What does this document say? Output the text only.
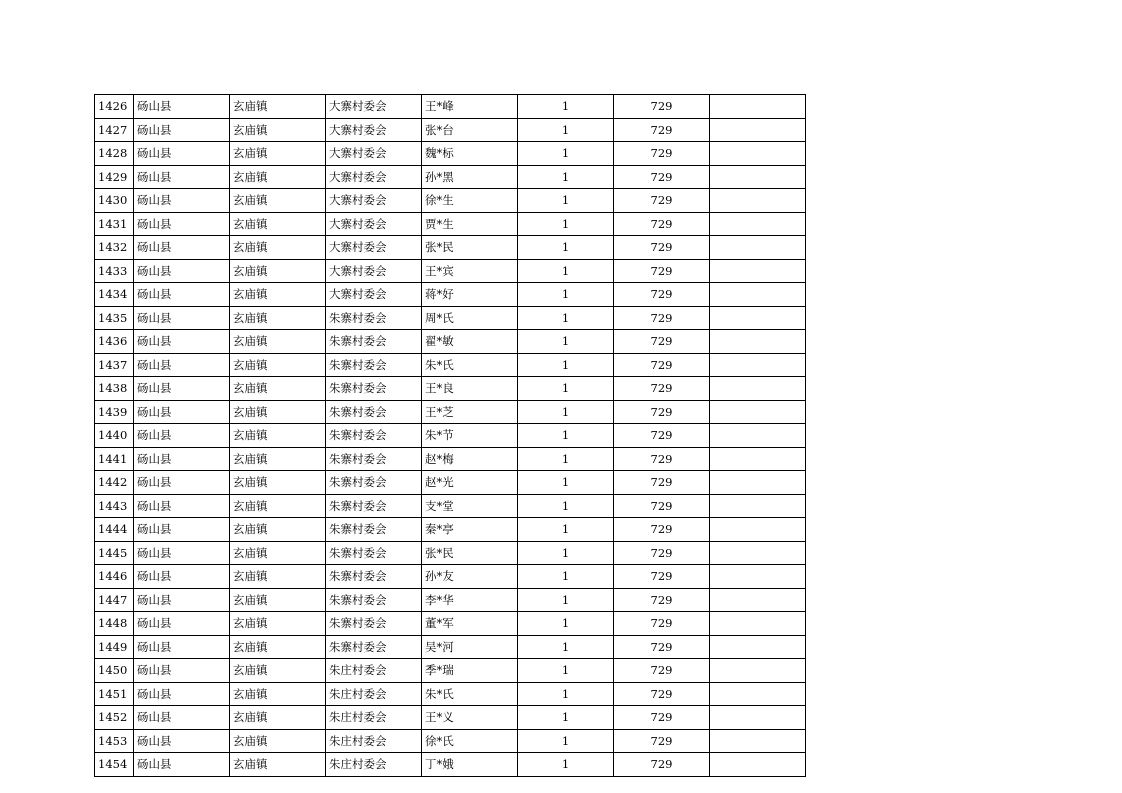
1426	砀山县	玄庙镇	大寨村委会	王*峰	1	729	
1427	砀山县	玄庙镇	大寨村委会	张*台	1	729	
1428	砀山县	玄庙镇	大寨村委会	魏*标	1	729	
1429	砀山县	玄庙镇	大寨村委会	孙*黑	1	729	
1430	砀山县	玄庙镇	大寨村委会	徐*生	1	729	
1431	砀山县	玄庙镇	大寨村委会	贾*生	1	729	
1432	砀山县	玄庙镇	大寨村委会	张*民	1	729	
1433	砀山县	玄庙镇	大寨村委会	王*宾	1	729	
1434	砀山县	玄庙镇	大寨村委会	蒋*好	1	729	
1435	砀山县	玄庙镇	朱寨村委会	周*氏	1	729	
1436	砀山县	玄庙镇	朱寨村委会	翟*敏	1	729	
1437	砀山县	玄庙镇	朱寨村委会	朱*氏	1	729	
1438	砀山县	玄庙镇	朱寨村委会	王*良	1	729	
1439	砀山县	玄庙镇	朱寨村委会	王*芝	1	729	
1440	砀山县	玄庙镇	朱寨村委会	朱*节	1	729	
1441	砀山县	玄庙镇	朱寨村委会	赵*梅	1	729	
1442	砀山县	玄庙镇	朱寨村委会	赵*光	1	729	
1443	砀山县	玄庙镇	朱寨村委会	支*堂	1	729	
1444	砀山县	玄庙镇	朱寨村委会	秦*亭	1	729	
1445	砀山县	玄庙镇	朱寨村委会	张*民	1	729	
1446	砀山县	玄庙镇	朱寨村委会	孙*友	1	729	
1447	砀山县	玄庙镇	朱寨村委会	李*华	1	729	
1448	砀山县	玄庙镇	朱寨村委会	董*军	1	729	
1449	砀山县	玄庙镇	朱寨村委会	吴*河	1	729	
1450	砀山县	玄庙镇	朱庄村委会	季*瑞	1	729	
1451	砀山县	玄庙镇	朱庄村委会	朱*氏	1	729	
1452	砀山县	玄庙镇	朱庄村委会	王*义	1	729	
1453	砀山县	玄庙镇	朱庄村委会	徐*氏	1	729	
1454	砀山县	玄庙镇	朱庄村委会	丁*娥	1	729	
